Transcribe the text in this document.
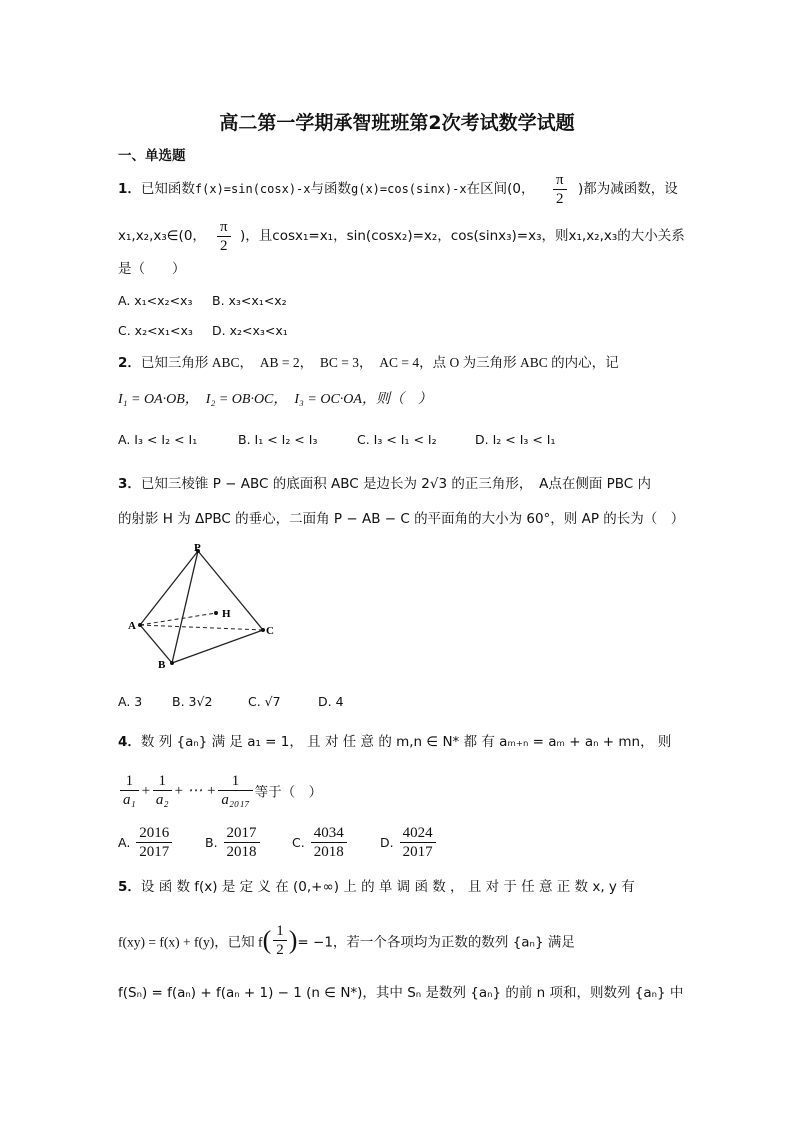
高二第一学期承智班班第2次考试数学试题
一、单选题
1．已知函数 f(x)=sin(cosx)-x与函数g(x)=cos(sinx)-x在区间(0， $\frac{\pi}{2}$ )都为减函数，设
x₁,x₂,x₃∈(0， $\frac{\pi}{2}$ )，且cosx₁=x₁，sin(cosx₂)=x₂，cos(sinx₃)=x₃，则x₁,x₂,x₃的大小关系
是（　　）
A. x₁<x₂<x₃ B. x₃<x₁<x₂
C. x₂<x₁<x₃ D. x₂<x₃<x₁
2．已知三角形 ABC，　AB = 2，　BC = 3，　AC = 4，点 O 为三角形 ABC 的内心，记
I₁ = OA·OB，　I₂ = OB·OC，　I₃ = OC·OA，则（　）
A. I₃ < I₂ < I₁	B. I₁ < I₂ < I₃	C. I₃ < I₁ < I₂	D. I₂ < I₃ < I₁
3．已知三棱锥 P − ABC 的底面积 ABC 是边长为 2√3 的正三角形，　A点在侧面 PBC 内
的射影 H 为 ΔPBC 的垂心，二面角 P − AB − C 的平面角的大小为 60°，则 AP 的长为（　）
P
A
B
C
H
A. 3 B. 3√2	C. √7	D. 4
4．数 列 {aₙ} 满 足 a₁ = 1， 且 对 任 意 的 m,n ∈ N* 都 有 aₘ₊ₙ = aₘ + aₙ + mn， 则
$\frac{1}{\text{a₁}} + \frac{1}{\text{a₂}}$ + ⋯ + $\frac{1}{\text{a₂₀₁₇}}$ 等于（　）
A. $\frac{2016}{2017}$	B. $\frac{2017}{2018}$	C. $\frac{4034}{2018}$	D. $\frac{4024}{2017}$
5．设 函 数 f(x) 是 定 义 在 (0,+∞) 上 的 单 调 函 数 ， 且 对 于 任 意 正 数 x, y 有
f(xy) = f(x) + f(y)，已知 $f( \frac{1}{2}$ )= −1，若一个各项均为正数的数列 {aₙ} 满足
f(Sₙ) = f(aₙ) + f(aₙ + 1) − 1 (n ∈ N*)，其中 Sₙ 是数列 {aₙ} 的前 n 项和，则数列 {aₙ} 中
